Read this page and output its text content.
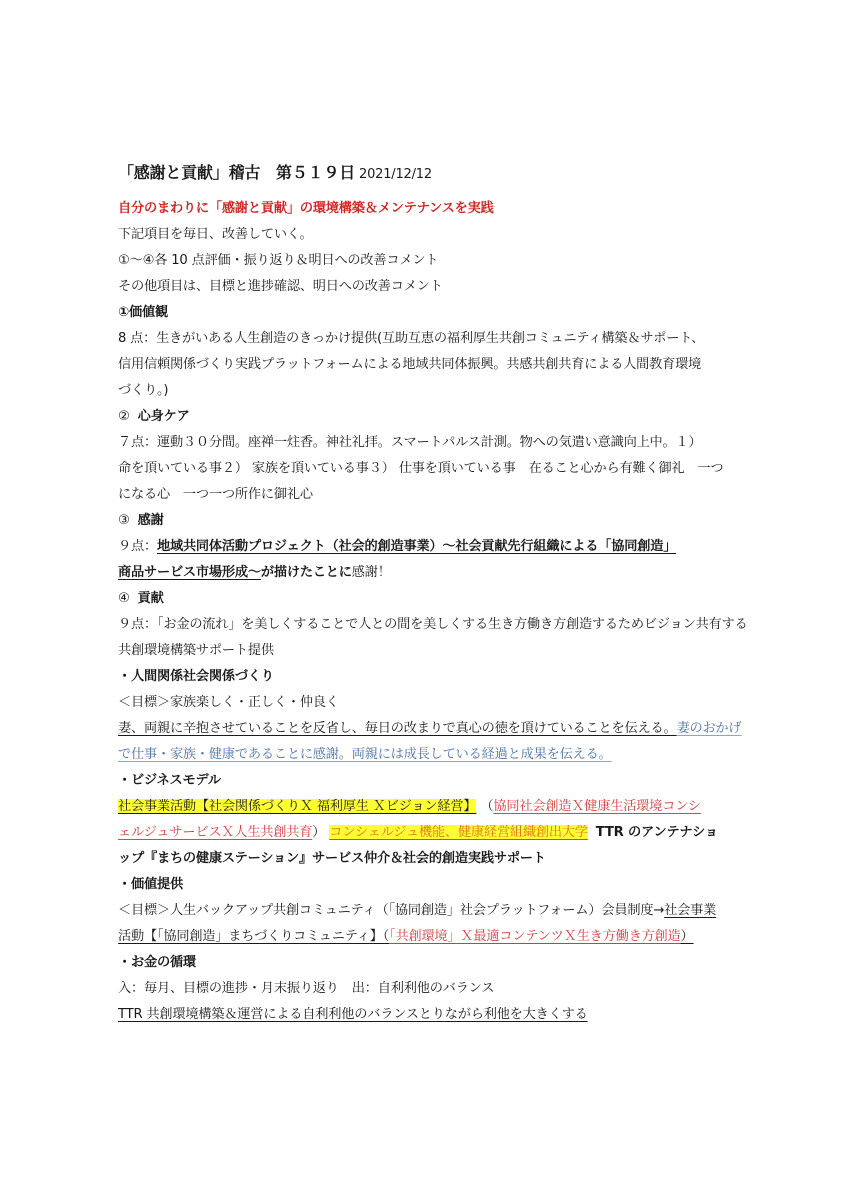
「感謝と貢献」稽古　第５１９日 2021/12/12
自分のまわりに「感謝と貢献」の環境構築＆メンテナンスを実践
下記項目を毎日、改善していく。
①～④各 10 点評価・振り返り＆明日への改善コメント
その他項目は、目標と進捗確認、明日への改善コメント
①価値観
8 点：生きがいある人生創造のきっかけ提供(互助互恵の福利厚生共創コミュニティ構築＆サポート、
信用信頼関係づくり実践プラットフォームによる地域共同体振興。共感共創共育による人間教育環境
づくり。)
② 心身ケア
７点：運動３０分間。座禅一炷香。神社礼拝。スマートパルス計測。物への気遣い意識向上中。１）
命を頂いている事２） 家族を頂いている事３） 仕事を頂いている事　在ること心から有難く御礼　一つ
になる心　一つ一つ所作に御礼心
③ 感謝
９点：地域共同体活動プロジェクト（社会的創造事業）～社会貢献先行組織による「協同創造」
商品サービス市場形成～が描けたことに感謝！
④ 貢献
９点：「お金の流れ」を美しくすることで人との間を美しくする生き方働き方創造するためビジョン共有する
共創環境構築サポート提供
・人間関係社会関係づくり
＜目標＞家族楽しく・正しく・仲良く
妻、両親に辛抱させていることを反省し、毎日の改まりで真心の徳を頂けていることを伝える。妻のおかげ
で仕事・家族・健康であることに感謝。両親には成長している経過と成果を伝える。
・ビジネスモデル
社会事業活動【社会関係づくりＸ 福利厚生 Ｘビジョン経営】 （協同社会創造Ｘ健康生活環境コンシ
ェルジュサービスＸ人生共創共育） コンシェルジュ機能、健康経営組織創出大学 TTR のアンテナショ
ップ『まちの健康ステーション』サービス仲介＆社会的創造実践サポート
・価値提供
＜目標＞人生バックアップ共創コミュニティ（「協同創造」社会プラットフォーム）会員制度→社会事業
活動【「協同創造」まちづくりコミュニティ】（「共創環境」Ｘ最適コンテンツＸ生き方働き方創造）
・お金の循環
入：毎月、目標の進捗・月末振り返り　出：自利利他のバランス
TTR 共創環境構築＆運営による自利利他のバランスとりながら利他を大きくする
